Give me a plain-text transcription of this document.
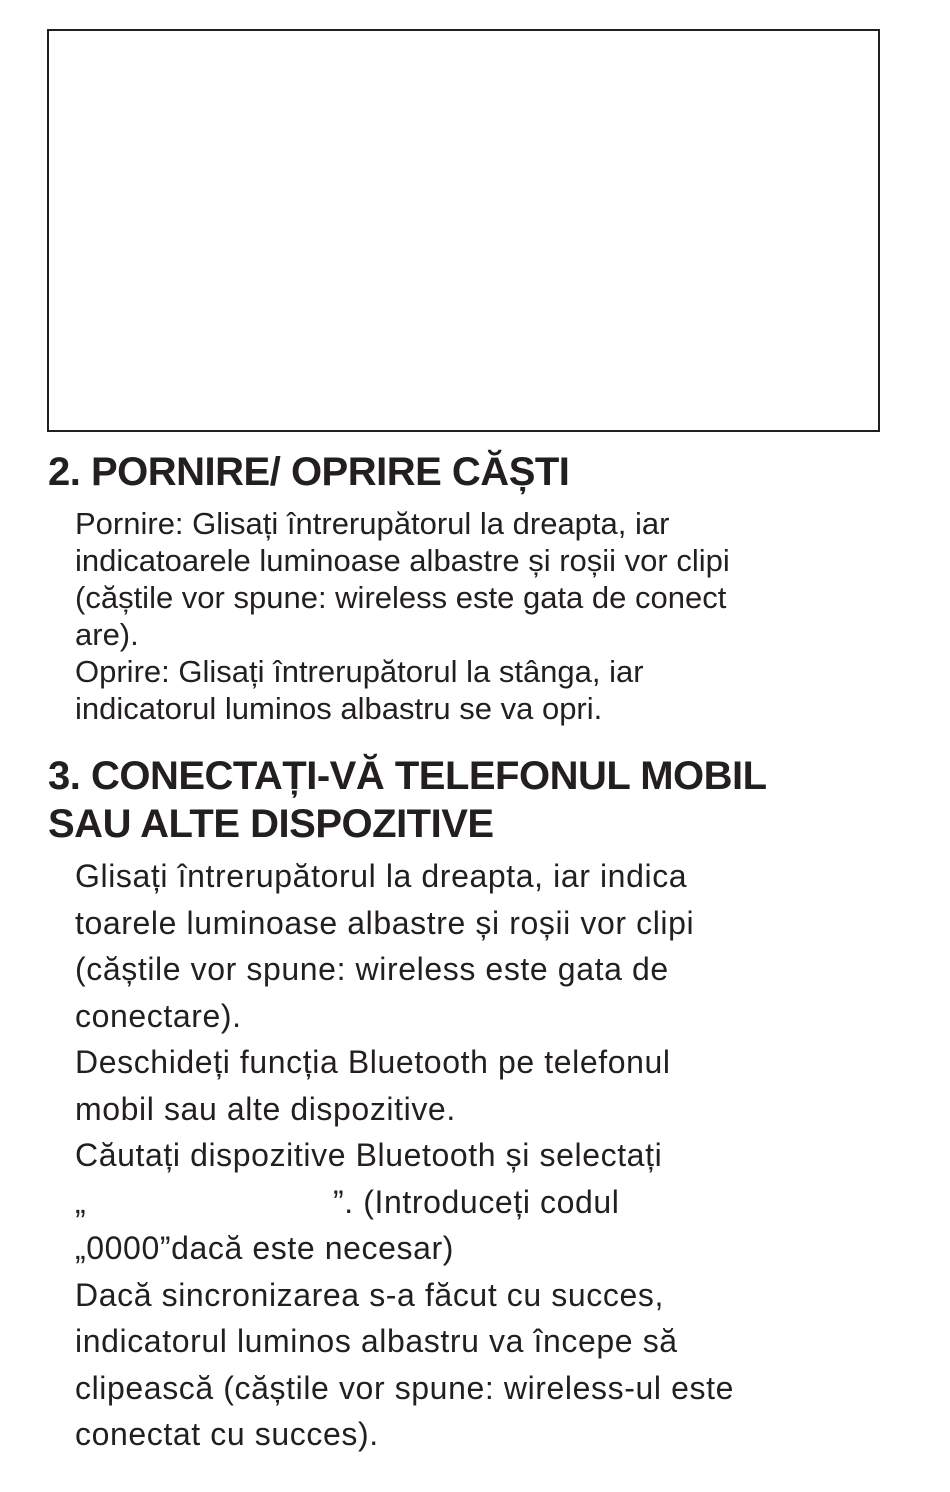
2. PORNIRE/ OPRIRE CĂȘTI
Pornire: Glisați întrerupătorul la dreapta, iar
indicatoarele luminoase albastre și roșii vor clipi
(căștile vor spune: wireless este gata de conect
are).
Oprire: Glisați întrerupătorul la stânga, iar
indicatorul luminos albastru se va opri.
3. CONECTAȚI-VĂ TELEFONUL MOBIL
SAU ALTE DISPOZITIVE
Glisați întrerupătorul la dreapta, iar indica
toarele luminoase albastre și roșii vor clipi
(căștile vor spune: wireless este gata de
conectare).
Deschideți funcția Bluetooth pe telefonul
mobil sau alte dispozitive.
Căutați dispozitive Bluetooth și selectați
„                          ”. (Introduceți codul
„0000”dacă este necesar)
Dacă sincronizarea s-a făcut cu succes,
indicatorul luminos albastru va începe să
clipească (căștile vor spune: wireless-ul este
conectat cu succes).
